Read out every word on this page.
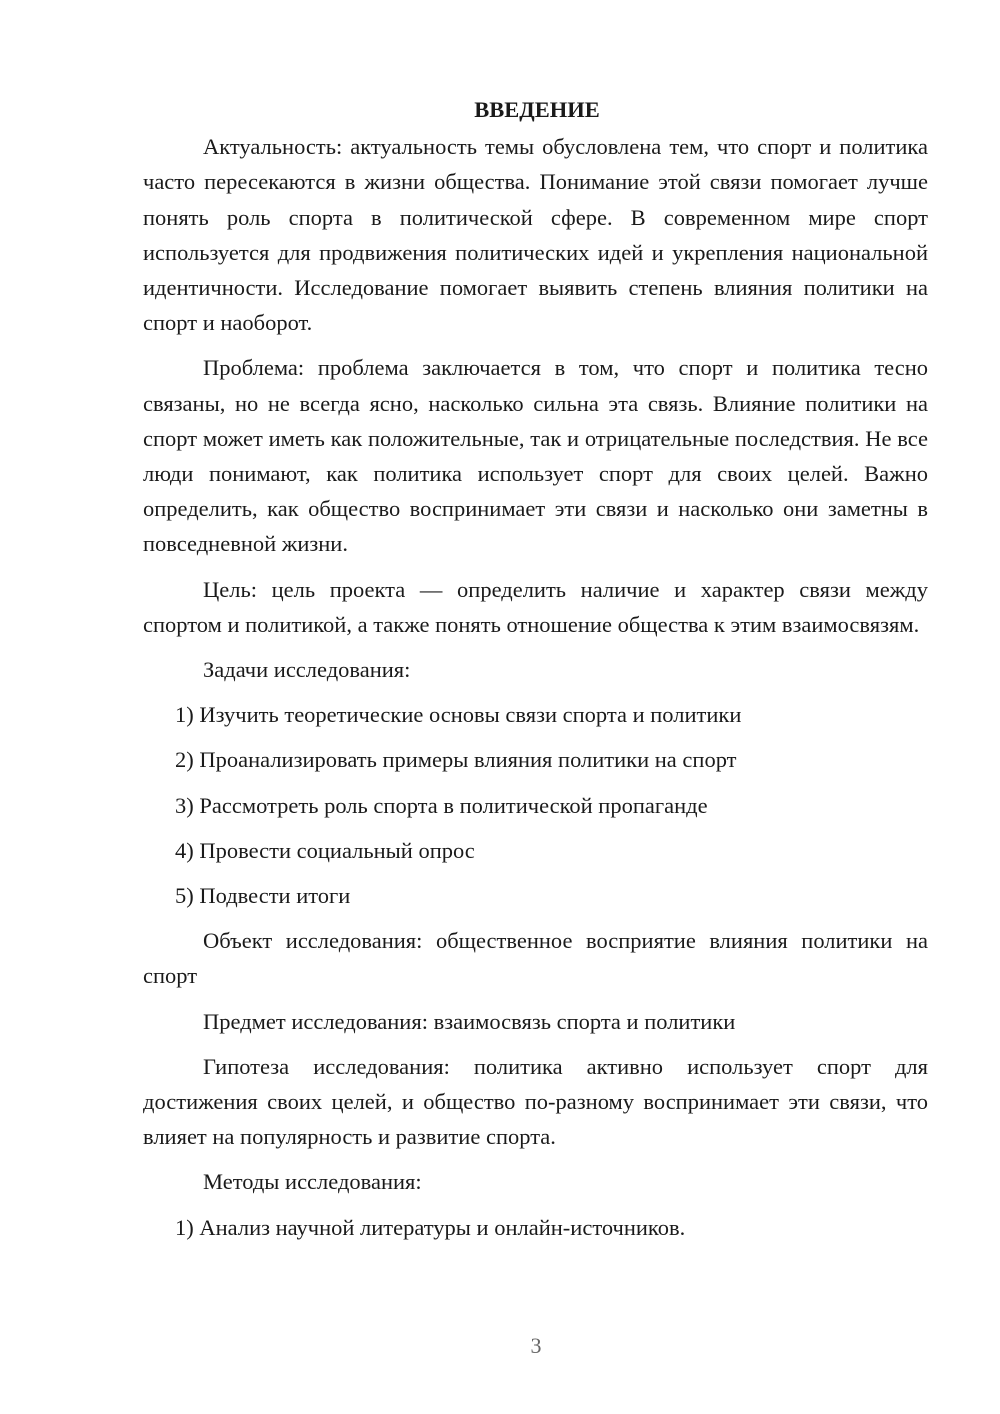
ВВЕДЕНИЕ

Актуальность: актуальность темы обусловлена тем, что спорт и политика часто пересекаются в жизни общества. Понимание этой связи помогает лучше понять роль спорта в политической сфере. В современном мире спорт используется для продвижения политических идей и укрепления национальной идентичности. Исследование помогает выявить степень влияния политики на спорт и наоборот.

Проблема: проблема заключается в том, что спорт и политика тесно связаны, но не всегда ясно, насколько сильна эта связь. Влияние политики на спорт может иметь как положительные, так и отрицательные последствия. Не все люди понимают, как политика использует спорт для своих целей. Важно определить, как общество воспринимает эти связи и насколько они заметны в повседневной жизни.

Цель: цель проекта — определить наличие и характер связи между спортом и политикой, а также понять отношение общества к этим взаимосвязям.

Задачи исследования:

1) Изучить теоретические основы связи спорта и политики
2) Проанализировать примеры влияния политики на спорт
3) Рассмотреть роль спорта в политической пропаганде
4) Провести социальный опрос
5) Подвести итоги

Объект исследования: общественное восприятие влияния политики на спорт

Предмет исследования: взаимосвязь спорта и политики

Гипотеза исследования: политика активно использует спорт для достижения своих целей, и общество по-разному воспринимает эти связи, что влияет на популярность и развитие спорта.

Методы исследования:

1) Анализ научной литературы и онлайн-источников.
3
